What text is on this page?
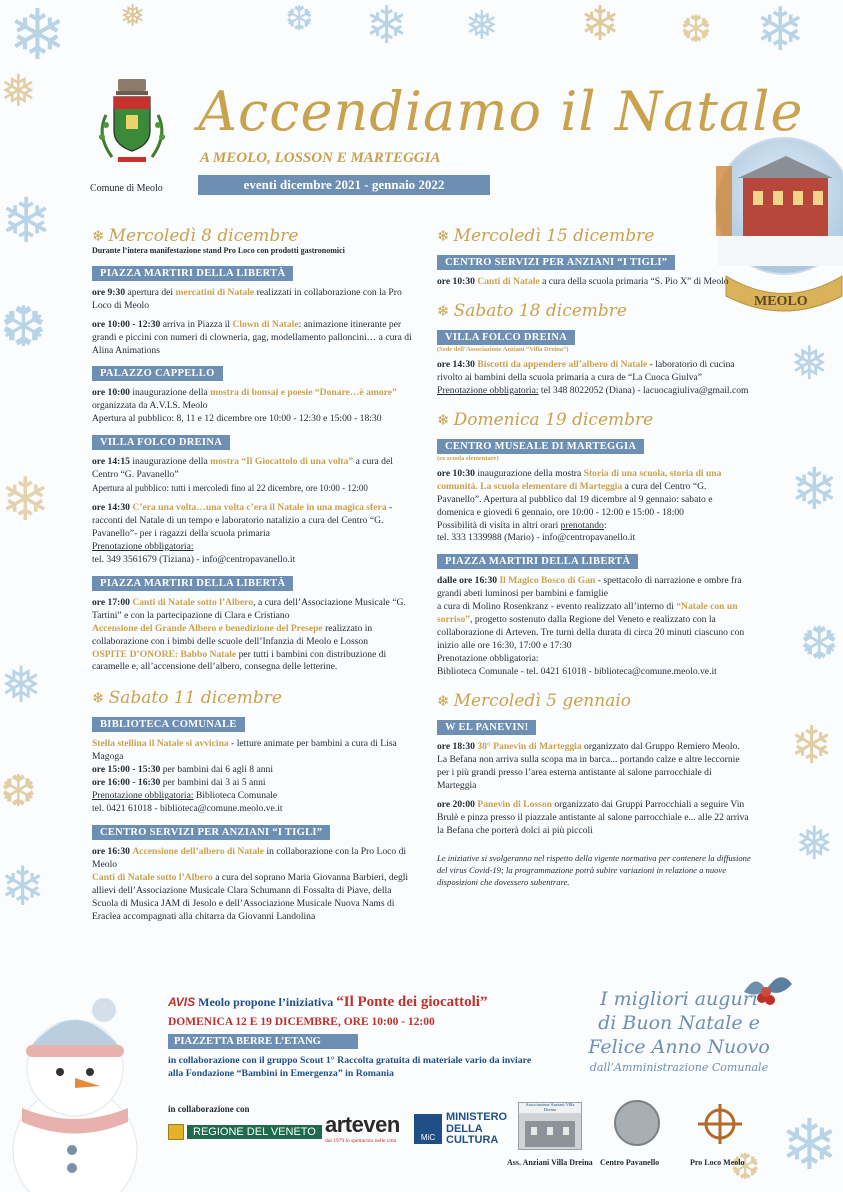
❄ ❅	❆ ❄ ❅ ❄ ❆ ❄
❅
❄
❆
❄
❅
❆
❄
❅
❄
❆
❄
❅
❄
❆
Comune di Meolo
Accendiamo il Natale
A MEOLO, LOSSON E MARTEGGIA
eventi dicembre 2021 - gennaio 2022
MEOLO
❄ Mercoledì 8 dicembre
Durante l’intera manifestazione stand Pro Loco con prodotti gastronomici
PIAZZA MARTIRI DELLA LIBERTÀ
ore 9:30 apertura dei mercatini di Natale realizzati in collaborazione con la Pro Loco di Meolo
ore 10:00 - 12:30 arriva in Piazza il Clown di Natale: animazione itinerante per grandi e piccini con numeri di clowneria, gag, modellamento palloncini… a cura di Alina Animations
PALAZZO CAPPELLO
ore 10:00 inaugurazione della mostra di bonsai e poesie “Donare…è amore” organizzata da A.V.I.S. Meolo
Apertura al pubblico: 8, 11 e 12 dicembre ore 10:00 - 12:30 e 15:00 - 18:30
VILLA FOLCO DREINA
ore 14:15 inaugurazione della mostra “Il Giocattolo di una volta” a cura del Centro “G. Pavanello”
Apertura al pubblico: tutti i mercoledì fino al 22 dicembre, ore 10:00 - 12:00
ore 14:30 C’era una volta…una volta c’era il Natale in una magica sfera - racconti del Natale di un tempo e laboratorio natalizio a cura del Centro “G. Pavanello”- per i ragazzi della scuola primaria
Prenotazione obbligatoria:
tel. 349 3561679 (Tiziana) - info@centropavanello.it
PIAZZA MARTIRI DELLA LIBERTÀ
ore 17:00 Canti di Natale sotto l’Albero, a cura dell’Associazione Musicale “G. Tartini” e con la partecipazione di Clara e Cristiano
Accensione del Grande Albero e benedizione del Presepe realizzato in collaborazione con i bimbi delle scuole dell’Infanzia di Meolo e Losson
OSPITE D’ONORE: Babbo Natale per tutti i bambini con distribuzione di caramelle e, all’accensione dell’albero, consegna delle letterine.
❄ Sabato 11 dicembre
BIBLIOTECA COMUNALE
Stella stellina il Natale si avvicina - letture animate per bambini a cura di Lisa Magoga
ore 15:00 - 15:30 per bambini dai 6 agli 8 anni
ore 16:00 - 16:30 per bambini dai 3 ai 5 anni
Prenotazione obbligatoria: Biblioteca Comunale
tel. 0421 61018 - biblioteca@comune.meolo.ve.it
CENTRO SERVIZI PER ANZIANI “I TIGLI”
ore 16:30 Accensione dell’albero di Natale in collaborazione con la Pro Loco di Meolo
Canti di Natale sotto l’Albero a cura del soprano Maria Giovanna Barbieri, degli allievi dell’Associazione Musicale Clara Schumann di Fossalta di Piave, della Scuola di Musica JAM di Jesolo e dell’Associazione Musicale Nuova Nams di Eraclea accompagnati alla chitarra da Giovanni Landolina
❄ Mercoledì 15 dicembre
CENTRO SERVIZI PER ANZIANI “I TIGLI”
ore 10:30 Canti di Natale a cura della scuola primaria “S. Pio X” di Meolo
❄ Sabato 18 dicembre
VILLA FOLCO DREINA
(Sede dell’Associazione Anziani “Villa Dreina”)
ore 14:30 Biscotti da appendere all’albero di Natale - laboratorio di cucina rivolto ai bambini della scuola primaria a cura de “La Cuoca Giulva”
Prenotazione obbligatoria: tel 348 8022052 (Diana) - lacuocagiuliva@gmail.com
❄ Domenica 19 dicembre
CENTRO MUSEALE DI MARTEGGIA
(ex scuola elementare)
ore 10:30 inaugurazione della mostra Storia di una scuola, storia di una comunità. La scuola elementare di Marteggia a cura del Centro “G. Pavanello”. Apertura al pubblico dal 19 dicembre al 9 gennaio: sabato e domenica e giovedì 6 gennaio, ore 10:00 - 12:00 e 15:00 - 18:00
Possibilità di visita in altri orari prenotando:
tel. 333 1339988 (Mario) - info@centropavanello.it
PIAZZA MARTIRI DELLA LIBERTÀ
dalle ore 16:30 Il Magico Bosco di Gan - spettacolo di narrazione e ombre fra grandi abeti luminosi per bambini e famiglie
a cura di Molino Rosenkranz - evento realizzato all’interno di “Natale con un sorriso”, progetto sostenuto dalla Regione del Veneto e realizzato con la collaborazione di Arteven. Tre turni della durata di circa 20 minuti ciascuno con inizio alle ore 16:30, 17:00 e 17:30
Prenotazione obbligatoria:
Biblioteca Comunale - tel. 0421 61018 - biblioteca@comune.meolo.ve.it
❄ Mercoledì 5 gennaio
W EL PANEVIN!
ore 18:30 38° Panevin di Marteggia organizzato dal Gruppo Remiero Meolo. La Befana non arriva sulla scopa ma in barca... portando calze e altre leccornie per i più grandi presso l’area esterna antistante al salone parrocchiale di Marteggia
ore 20:00 Panevin di Losson organizzato dai Gruppi Parrocchiali a seguire Vin Brulè e pinza presso il piazzale antistante al salone parrocchiale e... alle 22 arriva la Befana che porterà dolci ai più piccoli
Le iniziative si svolgeranno nel rispetto della vigente normativa per contenere la diffusione del virus Covid-19; la programmazione potrà subire variazioni in relazione a nuove disposizioni che dovessero subentrare.
AVIS Meolo propone l’iniziativa “Il Ponte dei giocattoli”
DOMENICA 12 E 19 DICEMBRE, ORE 10:00 - 12:00
PIAZZETTA BERRE L’ETANG
in collaborazione con il gruppo Scout 1° Raccolta gratuita di materiale vario da inviare alla Fondazione “Bambini in Emergenza” in Romania
I migliori auguri
di Buon Natale e
Felice Anno Nuovo
dall’Amministrazione Comunale
in collaborazione con
REGIONE DEL VENETO arteven
dal 1979 lo spettacolo nelle città	MiC
MINISTERO
DELLA
CULTURA
Associazione Anziani Villa Dreina
Ass. Anziani Villa Dreina Centro Pavanello	Pro Loco Meolo
